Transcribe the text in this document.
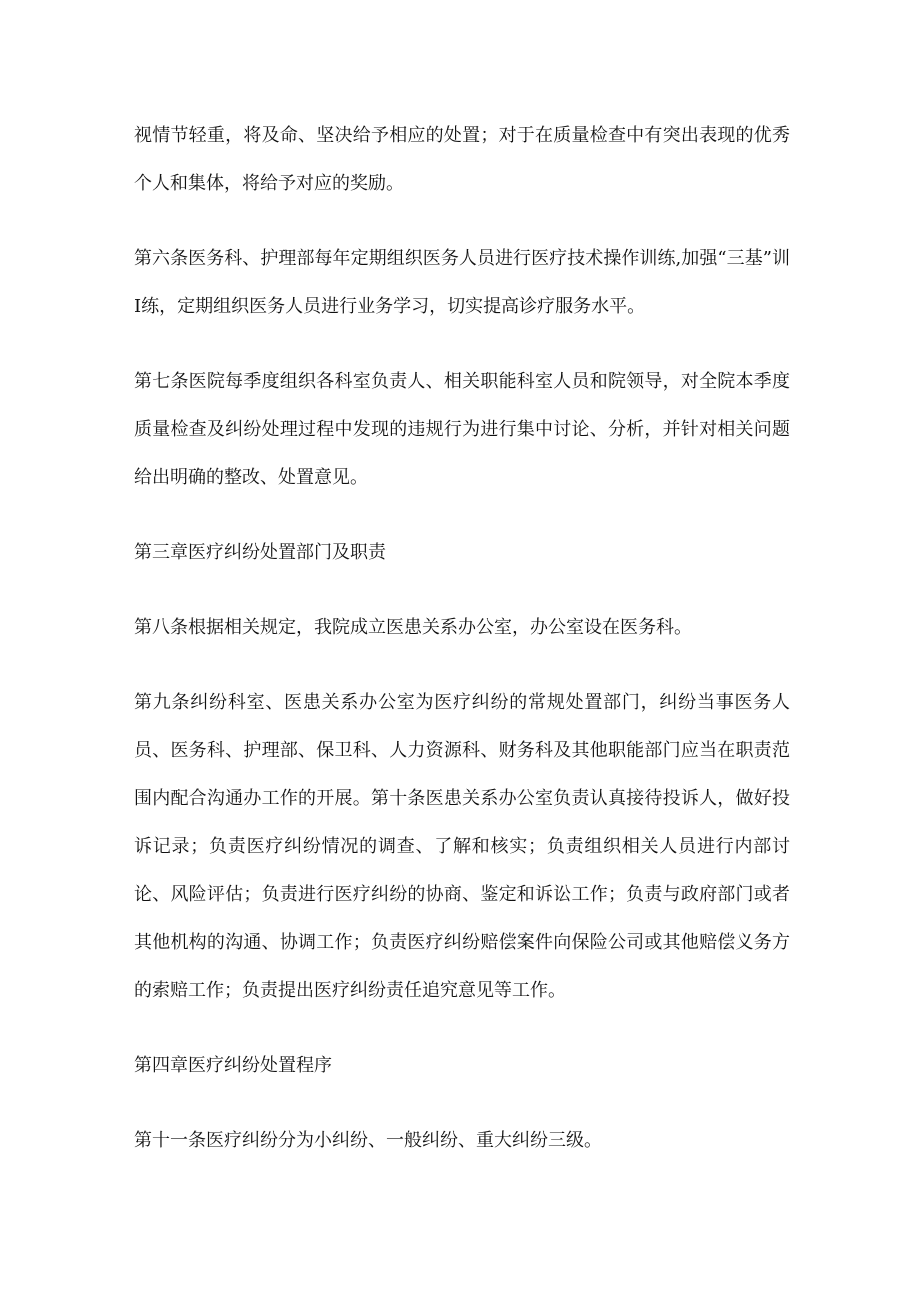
视情节轻重，将及命、坚决给予相应的处置；对于在质量检查中有突出表现的优秀个人和集体，将给予对应的奖励。

第六条医务科、护理部每年定期组织医务人员进行医疗技术操作训练,加强“三基”训I练，定期组织医务人员进行业务学习，切实提高诊疗服务水平。

第七条医院每季度组织各科室负责人、相关职能科室人员和院领导，对全院本季度质量检查及纠纷处理过程中发现的违规行为进行集中讨论、分析，并针对相关问题给出明确的整改、处置意见。

第三章医疗纠纷处置部门及职责

第八条根据相关规定，我院成立医患关系办公室，办公室设在医务科。

第九条纠纷科室、医患关系办公室为医疗纠纷的常规处置部门，纠纷当事医务人员、医务科、护理部、保卫科、人力资源科、财务科及其他职能部门应当在职责范围内配合沟通办工作的开展。第十条医患关系办公室负责认真接待投诉人，做好投诉记录；负责医疗纠纷情况的调查、了解和核实；负责组织相关人员进行内部讨论、风险评估；负责进行医疗纠纷的协商、鉴定和诉讼工作；负责与政府部门或者其他机构的沟通、协调工作；负责医疗纠纷赔偿案件向保险公司或其他赔偿义务方的索赔工作；负责提出医疗纠纷责任追究意见等工作。

第四章医疗纠纷处置程序

第十一条医疗纠纷分为小纠纷、一般纠纷、重大纠纷三级。
